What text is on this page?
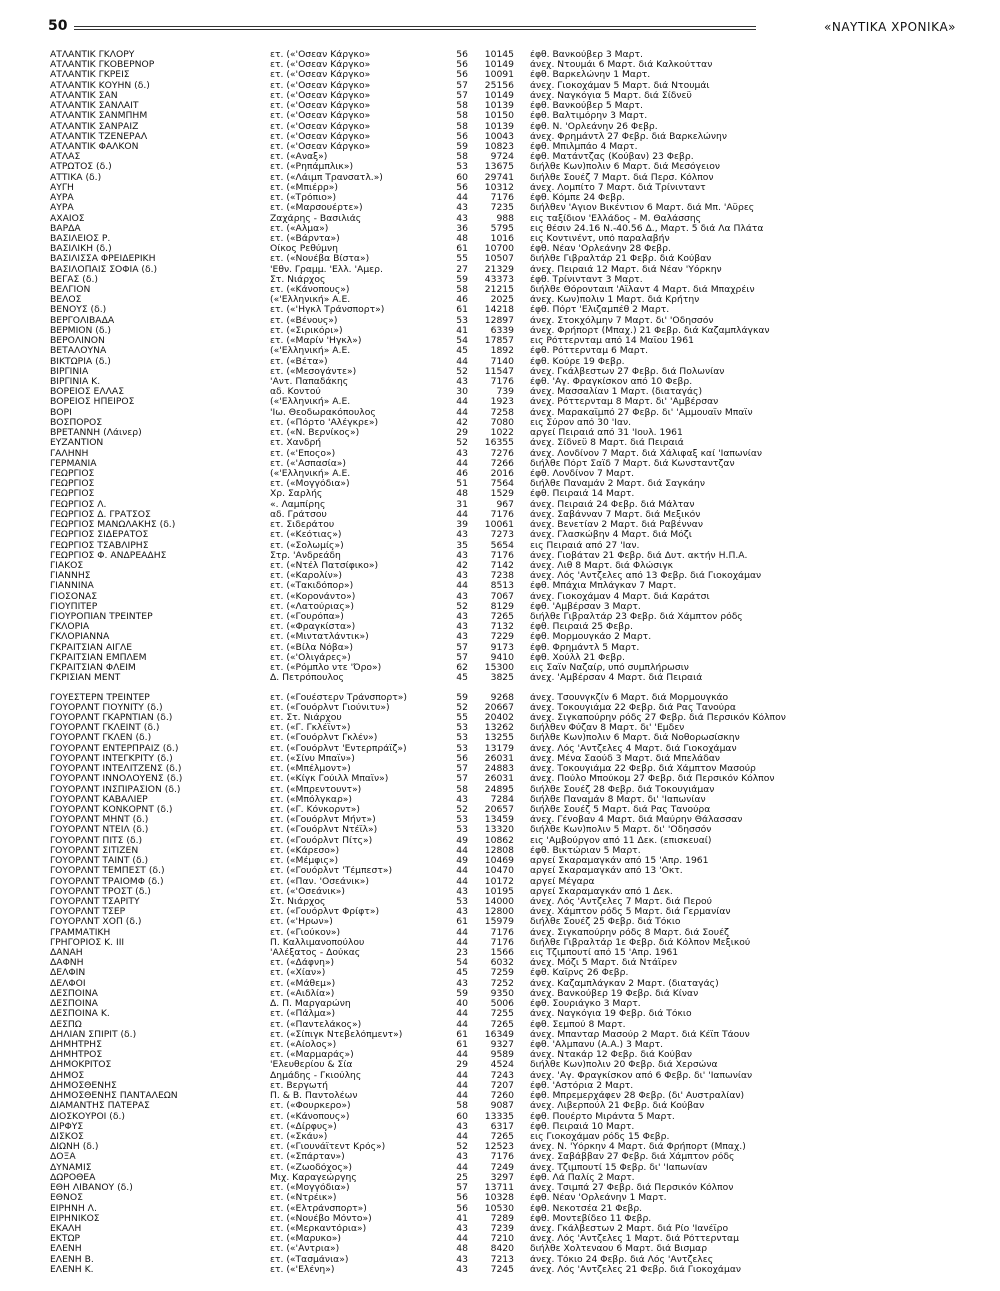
50	«ΝΑΥΤΙΚΑ ΧΡΟΝΙΚΑ»
ΑΤΛΑΝΤΙΚ ΓΚΛΟΡΥ	ετ. («'Οσεαν Κάργκο»	56	10145	έφθ. Βανκούβερ 3 Μαρτ.
ΑΤΛΑΝΤΙΚ ΓΚΟΒΕΡΝΟΡ	ετ. («'Οσεαν Κάργκο»	56	10149	άνεχ. Ντουμάι 6 Μαρτ. διά Καλκούτταν
ΑΤΛΑΝΤΙΚ ΓΚΡΕΪΣ	ετ. («'Οσεαν Κάργκο»	56	10091	έφθ. Βαρκελώνην 1 Μαρτ.
ΑΤΛΑΝΤΙΚ ΚΟΥΗΝ (δ.)	ετ. («'Οσεαν Κάργκο»	57	25156	άνεχ. Γιοκοχάμαν 5 Μαρτ. διά Ντουμάι
ΑΤΛΑΝΤΙΚ ΣΑΝ	ετ. («'Οσεαν Κάργκο»	57	10149	άνεχ. Ναγκόγια 5 Μαρτ. διά Σίδνεϋ
ΑΤΛΑΝΤΙΚ ΣΑΝΛΑΪΤ	ετ. («'Οσεαν Κάργκο»	58	10139	έφθ. Βανκούβερ 5 Μαρτ.
ΑΤΛΑΝΤΙΚ ΣΑΝΜΠΗΜ	ετ. («'Οσεαν Κάργκο»	58	10150	έφθ. Βαλτιμόρην 3 Μαρτ.
ΑΤΛΑΝΤΙΚ ΣΑΝΡΑΪΖ	ετ. («'Οσεαν Κάργκο»	58	10139	έφθ. Ν. 'Ορλεάνην 26 Φεβρ.
ΑΤΛΑΝΤΙΚ ΤΖΕΝΕΡΑΛ	ετ. («'Οσεαν Κάργκο»	56	10043	άνεχ. Φρημάντλ 27 Φεβρ. διά Βαρκελώνην
ΑΤΛΑΝΤΙΚ ΦΑΛΚΟΝ	ετ. («'Οσεαν Κάργκο»	59	10823	έφθ. Μπιλμπάο 4 Μαρτ.
ΑΤΛΑΣ	ετ. («Αναξ»)	58	9724	έφθ. Ματάντζας (Κούβαν) 23 Φεβρ.
ΑΤΡΩΤΟΣ (δ.)	ετ. («Ρηπάμπλικ»)	53	13675	διήλθε Κων)πολιν 6 Μαρτ. διά Μεσόγειον
ΑΤΤΙΚΑ (δ.)	ετ. («Λάιμπ Τρανσατλ.»)	60	29741	διήλθε Σουέζ 7 Μαρτ. διά Περσ. Κόλπον
ΑΥΓΗ	ετ. («Μπιέρρ»)	56	10312	άνεχ. Λομπίτο 7 Μαρτ. διά Τρίνινταντ
ΑΥΡΑ	ετ. («Τρόπιο»)	44	7176	έφθ. Κόμπε 24 Φεβρ.
ΑΥΡΑ	ετ. («Μαρσουέρτε»)	43	7235	διήλθεν 'Αγιον Βικέντιον 6 Μαρτ. διά Μπ. 'Αϋρες
ΑΧΑΪΟΣ	Ζαχάρης - Βασιλιάς	43	988	εις ταξίδιον 'Ελλάδος - Μ. Θαλάσσης
ΒΑΡΔΑ	ετ. («Αλμα»)	36	5795	εις θέσιν 24.16 Ν.-40.56 Δ., Μαρτ. 5 διά Λα Πλάτα
ΒΑΣΙΛΕΙΟΣ Ρ.	ετ. («Βάρντα»)	48	1016	εις Κοντινέντ, υπό παραλαβήν
ΒΑΣΙΛΙΚΗ (δ.)	Οίκος Ρεθύμνη	61	10700	έφθ. Νέαν 'Ορλεάνην 28 Φεβρ.
ΒΑΣΙΛΙΣΣΑ ΦΡΕΙΔΕΡΙΚΗ	ετ. («Νουέβα Βίστα»)	55	10507	διήλθε Γιβραλτάρ 21 Φεβρ. διά Κούβαν
ΒΑΣΙΛΟΠΑΪΣ ΣΟΦΙΑ (δ.)	'Εθν. Γραμμ. 'Ελλ. 'Αμερ.	27	21329	άνεχ. Πειραιά 12 Μαρτ. διά Νέαν 'Υόρκην
ΒΕΓΑΣ (δ.)	Στ. Νιάρχος	59	43373	έφθ. Τρίνινταντ 3 Μαρτ.
ΒΕΛΓΙΟΝ	ετ. («Κάνοπους»)	58	21215	διήλθε Θόρονταιπ 'Αϊλαντ 4 Μαρτ. διά Μπαχρέιν
ΒΕΛΟΣ	(«'Ελληνική» Α.Ε.	46	2025	άνεχ. Κων)πολιν 1 Μαρτ. διά Κρήτην
ΒΕΝΟΥΣ (δ.)	ετ. («'Ηγκλ Τράνσπορτ»)	61	14218	έφθ. Πόρτ 'Ελιζαμπέθ 2 Μαρτ.
ΒΕΡΓΟΛΙΒΑΔΑ	ετ. («Βένους»)	53	12897	άνεχ. Στοκχόλμην 7 Μαρτ. δι' 'Οδησσόν
ΒΕΡΜΙΟΝ (δ.)	ετ. («Σιρικόρι»)	41	6339	άνεχ. Φρήπορτ (Μπαχ.) 21 Φεβρ. διά Καζαμπλάγκαν
ΒΕΡΟΛΙΝΟΝ	ετ. («Μαρίν 'Ηγκλ»)	54	17857	εις Ρόττερνταμ από 14 Μαΐου 1961
ΒΕΤΑΛΟΥΝΑ	(«'Ελληνική» Α.Ε.	45	1892	έφθ. Ρόττερνταμ 6 Μαρτ.
ΒΙΚΤΩΡΙΑ (δ.)	ετ. («Βέτα»)	44	7140	έφθ. Κούρε 19 Φεβρ.
ΒΙΡΓΙΝΙΑ	ετ. («Μεσογάντε»)	52	11547	άνεχ. Γκάλβεστων 27 Φεβρ. διά Πολωνίαν
ΒΙΡΓΙΝΙΑ Κ.	'Αντ. Παπαδάκης	43	7176	έφθ. 'Αγ. Φραγκίσκον από 10 Φεβρ.
ΒΟΡΕΙΟΣ ΕΛΛΑΣ	αδ. Κοντού	30	739	άνεχ. Μασσαλίαν 1 Μαρτ. (διαταγάς)
ΒΟΡΕΙΟΣ ΗΠΕΙΡΟΣ	(«'Ελληνική» Α.Ε.	44	1923	άνεχ. Ρόττερνταμ 8 Μαρτ. δι' 'Αμβέρσαν
ΒΟΡΙ	'Ιω. Θεοδωρακόπουλος	44	7258	άνεχ. Μαρακαϊμπό 27 Φεβρ. δι' 'Αμμουαϊν Μπαϊν
ΒΟΣΠΟΡΟΣ	ετ. («Πόρτο 'Αλέγκρε»)	42	7080	εις Σύρον από 30 'Ιαν.
ΒΡΕΤΑΝΝΗ (Λάινερ)	ετ. («Ν. Βερνίκος»)	29	1022	αργεί Πειραιά από 31 'Ιουλ. 1961
ΕΥΖΑΝΤΙΟΝ	ετ. Χανδρή	52	16355	άνεχ. Σίδνεϋ 8 Μαρτ. διά Πειραιά
ΓΑΛΗΝΗ	ετ. («'Εποςο»)	43	7276	άνεχ. Λονδίνον 7 Μαρτ. διά Χάλιφαξ καί 'Ιαπωνίαν
ΓΕΡΜΑΝΙΑ	ετ. («'Ασπασία»)	44	7266	διήλθε Πόρτ Σαΐδ 7 Μαρτ. διά Κωνσταντζαν
ΓΕΩΡΓΙΟΣ	(«'Ελληνική» Α.Ε.	46	2016	έφθ. Λονδίνον 7 Μαρτ.
ΓΕΩΡΓΙΟΣ	ετ. («Μογγόδια»)	51	7564	διήλθε Παναμάν 2 Μαρτ. διά Σαγκάην
ΓΕΩΡΓΙΟΣ	Χρ. Σαρλής	48	1529	έφθ. Πειραιά 14 Μαρτ.
ΓΕΩΡΓΙΟΣ Λ.	«. Λαμπίρης	31	967	άνεχ. Πειραιά 24 Φεβρ. διά Μάλταν
ΓΕΩΡΓΙΟΣ Δ. ΓΡΑΤΣΟΣ	αδ. Γράτσου	44	7176	άνεχ. Σαβάνναν 7 Μαρτ. διά Μεξικόν
ΓΕΩΡΓΙΟΣ ΜΑΝΩΛΑΚΗΣ (δ.)	ετ. Σιδεράτου	39	10061	άνεχ. Βενετίαν 2 Μαρτ. διά Ραβένναν
ΓΕΩΡΓΙΟΣ ΣΙΔΕΡΑΤΟΣ	ετ. («Κεότιας»)	43	7273	άνεχ. Γλασκώβην 4 Μαρτ. διά Μόζι
ΓΕΩΡΓΙΟΣ ΤΣΑΒΛΙΡΗΣ	ετ. («Σολωμίς»)	35	5654	εις Πειραιά από 27 'Ιαν.
ΓΕΩΡΓΙΟΣ Φ. ΑΝΔΡΕΑΔΗΣ	Στρ. 'Ανδρεάδη	43	7176	άνεχ. Γιοβάταν 21 Φεβρ. διά Δυτ. ακτήν Η.Π.Α.
ΓΙΑΚΟΣ	ετ. («Ντέλ Πατσίφικο»)	42	7142	άνεχ. Λιθ 8 Μαρτ. διά Φλώσιγκ
ΓΙΑΝΝΗΣ	ετ. («Καρολίν»)	43	7238	άνεχ. Λός 'Αντζελες από 13 Φεβρ. διά Γιοκοχάμαν
ΓΙΑΝΝΙΝΑ	ετ. («Τακιδόπορ»)	44	8513	έφθ. Μπάχια Μπλάγκαν 7 Μαρτ.
ΓΙΟΣΟΝΑΣ	ετ. («Κορονάντο»)	43	7067	άνεχ. Γιοκοχάμαν 4 Μαρτ. διά Καράτσι
ΓΙΟΥΠΙΤΕΡ	ετ. («Λατούριας»)	52	8129	έφθ. 'Αμβέρσαν 3 Μαρτ.
ΓΙΟΥΡΟΠΙΑΝ ΤΡΕΪΝΤΕΡ	ετ. («Γουρόπα»)	43	7265	διήλθε Γιβραλτάρ 23 Φεβρ. διά Χάμπτον ρόδς
ΓΚΛΟΡΙΑ	ετ. («Φραγκίστα»)	43	7132	έφθ. Πειραιά 25 Φεβρ.
ΓΚΛΟΡΙΑΝΝΑ	ετ. («Μιντατλάντικ»)	43	7229	έφθ. Μορμουγκάο 2 Μαρτ.
ΓΚΡΑΪΤΣΙΑΝ ΑΪΓΛΕ	ετ. («Βίλα Νόβα»)	57	9173	έφθ. Φρημάντλ 5 Μαρτ.
ΓΚΡΑΪΤΣΙΑΝ ΕΜΠΛΕΜ	ετ. («'Ολιγάρες»)	57	9410	έφθ. Χούλλ 21 Φεβρ.
ΓΚΡΑΪΤΣΙΑΝ ΦΛΕΪΜ	ετ. («Ρόμπλο ντε 'Όρο»)	62	15300	εις Σαΐν Ναζαίρ, υπό συμπλήρωσιν
ΓΚΡΙΣΙΑΝ ΜΕΝΤ	Δ. Πετρόπουλος	45	3825	άνεχ. 'Αμβέρσαν 4 Μαρτ. διά Πειραιά
ΓΟΥΕΣΤΕΡΝ ΤΡΕΪΝΤΕΡ	ετ. («Γουέστερν Τράνσπορτ»)	59	9268	άνεχ. Τσουνγκζίν 6 Μαρτ. διά Μορμουγκάο
ΓΟΥΟΡΛΝΤ ΓΙΟΥΝΙΤΥ (δ.)	ετ. («Γουόρλντ Γιούνιτυ»)	52	20667	άνεχ. Τοκουγιάμα 22 Φεβρ. διά Ρας Τανούρα
ΓΟΥΟΡΛΝΤ ΓΚΑΡΝΤΙΑΝ (δ.)	ετ. Στ. Νιάρχου	55	20402	άνεχ. Σιγκαπούρην ρόδς 27 Φεβρ. διά Περσικόν Κόλπον
ΓΟΥΟΡΛΝΤ ΓΚΛΕΪΝΤ (δ.)	ετ. («Γ. Γκλέϊντ»)	53	13262	διήλθεν Φύζαν 8 Μαρτ. δι' 'Εμδεν
ΓΟΥΟΡΛΝΤ ΓΚΛΕΝ (δ.)	ετ. («Γουόρλντ Γκλέν»)	53	13255	διήλθε Κων)πολιν 6 Μαρτ. διά Νοθορωσίσκην
ΓΟΥΟΡΛΝΤ ΕΝΤΕΡΠΡΑΪΖ (δ.)	ετ. («Γουόρλντ 'Εντερπράϊζ»)	53	13179	άνεχ. Λός 'Αντζελες 4 Μαρτ. διά Γιοκοχάμαν
ΓΟΥΟΡΛΝΤ ΙΝΤΕΓΚΡΙΤΥ (δ.)	ετ. («Σίνυ Μπαϊν»)	56	26031	άνεχ. Μένα Σαούδ 3 Μαρτ. διά Μπελάδαν
ΓΟΥΟΡΛΝΤ ΙΝΤΕΛΙΤΖΕΝΣ (δ.)	ετ. («Μπέλμοντ»)	57	24883	άνεχ. Τοκουγιάμα 22 Φεβρ. διά Χάμπτον Μασούρ
ΓΟΥΟΡΛΝΤ ΙΝΝΟΛΟΥΕΝΣ (δ.)	ετ. («Κίγκ Γούιλλ Μπαϊν»)	57	26031	άνεχ. Πούλο Μπούκομ 27 Φεβρ. διά Περσικόν Κόλπον
ΓΟΥΟΡΛΝΤ ΙΝΣΠΙΡΑΣΙΟΝ (δ.)	ετ. («Μπρεντουντ»)	58	24895	διήλθε Σουέζ 28 Φεβρ. διά Τοκουγιάμαν
ΓΟΥΟΡΛΝΤ ΚΑΒΑΛΙΕΡ	ετ. («Μπόλγκαρ»)	43	7284	διήλθε Παναμάν 8 Μαρτ. δι' 'Ιαπωνίαν
ΓΟΥΟΡΛΝΤ ΚΟΝΚΟΡΝΤ (δ.)	ετ. («Γ. Κόνκορντ»)	52	20657	διήλθε Σουέζ 5 Μαρτ. διά Ρας Τανούρα
ΓΟΥΟΡΛΝΤ ΜΗΝΤ (δ.)	ετ. («Γουόρλντ Μήντ»)	53	13459	άνεχ. Γένοβαν 4 Μαρτ. διά Μαύρην Θάλασσαν
ΓΟΥΟΡΛΝΤ ΝΤΕΪΛ (δ.)	ετ. («Γουόρλντ Ντέϊλ»)	53	13320	διήλθε Κων)πολιν 5 Μαρτ. δι' 'Οδησσόν
ΓΟΥΟΡΛΝΤ ΠΙΤΣ (δ.)	ετ. («Γουόρλντ Πίτς»)	49	10862	εις 'Αμβούργον από 11 Δεκ. (επισκευαί)
ΓΟΥΟΡΛΝΤ ΣΙΤΙΖΕΝ	ετ. («Κάρεσο»)	44	12808	έφθ. Βικτώριαν 5 Μαρτ.
ΓΟΥΟΡΛΝΤ ΤΑΪΝΤ (δ.)	ετ. («Μέμφις»)	49	10469	αργεί Σκαραμαγκάν από 15 'Απρ. 1961
ΓΟΥΟΡΛΝΤ ΤΕΜΠΕΣΤ (δ.)	ετ. («Γουόρλντ 'Τέμπεστ»)	44	10470	αργεί Σκαραμαγκάν από 13 'Οκτ.
ΓΟΥΟΡΛΝΤ ΤΡΑΪΟΜΦ (δ.)	ετ. («Παν. 'Οσεάνικ»)	44	10172	αργεί Μέγαρα
ΓΟΥΟΡΛΝΤ ΤΡΟΣΤ (δ.)	ετ. («'Οσεάνικ»)	43	10195	αργεί Σκαραμαγκάν από 1 Δεκ.
ΓΟΥΟΡΛΝΤ ΤΣΑΡΙΤΥ	Στ. Νιάρχος	53	14000	άνεχ. Λός 'Αντζελες 7 Μαρτ. διά Περού
ΓΟΥΟΡΛΝΤ ΤΣΕΡ	ετ. («Γουόρλντ Φρίφτ»)	43	12800	άνεχ. Χάμπτον ρόδς 5 Μαρτ. διά Γερμανίαν
ΓΟΥΟΡΛΝΤ ΧΟΠ (δ.)	ετ. («'Ηρων»)	61	15979	διήλθε Σουέζ 25 Φεβρ. διά Τόκιο
ΓΡΑΜΜΑΤΙΚΗ	ετ. («Γιούκον»)	44	7176	άνεχ. Σιγκαπούρην ρόδς 8 Μαρτ. διά Σουέζ
ΓΡΗΓΟΡΙΟΣ Κ. ΙΙΙ	Π. Καλλιμανοπούλου	44	7176	διήλθε Γιβραλτάρ 1ε Φεβρ. διά Κόλπον Μεξικού
ΔΑΝΑΗ	'Αλέξατος - Δούκας	23	1566	εις Τζιμπουτί από 15 'Απρ. 1961
ΔΑΦΝΗ	ετ. («Δάφνη»)	54	6032	άνεχ. Μόζι 5 Μαρτ. διά Ντάϊρεν
ΔΕΛΦΙΝ	ετ. («Χίαν»)	45	7259	έφθ. Καϊρνς 26 Φεβρ.
ΔΕΛΦΟΙ	ετ. («Μάθεμ»)	43	7252	άνεχ. Καζαμπλάγκαν 2 Μαρτ. (διαταγάς)
ΔΕΣΠΟΙΝΑ	ετ. («Αιδλία»)	59	9350	άνεχ. Βανκούβερ 19 Φεβρ. διά Κίναν
ΔΕΣΠΟΙΝΑ	Δ. Π. Μαργαρώνη	40	5006	έφθ. Σουριάγκο 3 Μαρτ.
ΔΕΣΠΟΙΝΑ Κ.	ετ. («Πάλμα»)	44	7255	άνεχ. Ναγκόγια 19 Φεβρ. διά Τόκιο
ΔΕΣΠΩ	ετ. («Παντελάκος»)	44	7265	έφθ. Σεμπού 8 Μαρτ.
ΔΗΛΙΑΝ ΣΠΙΡΙΤ (δ.)	ετ. («Σίπιγκ Ντεβελόπμεντ»)	61	16349	άνεχ. Μπανταρ Μασούρ 2 Μαρτ. διά Κέϊπ Τάουν
ΔΗΜΗΤΡΗΣ	ετ. («Αίολος»)	61	9327	έφθ. 'Αλμπανυ (Α.Α.) 3 Μαρτ.
ΔΗΜΗΤΡΟΣ	ετ. («Μαρμαράς»)	44	9589	άνεχ. Ντακάρ 12 Φεβρ. διά Κούβαν
ΔΗΜΟΚΡΙΤΟΣ	'Ελευθερίου & Σία	29	4524	διήλθε Κων)πολιν 20 Φεβρ. διά Χερσώνα
ΔΗΜΟΣ	Δημάδης - Γκιούλης	44	7243	άνεχ. 'Αγ. Φραγκίσκον από 6 Φεβρ. δι' 'Ιαπωνίαν
ΔΗΜΟΣΘΕΝΗΣ	ετ. Βεργωτή	44	7207	έφθ. 'Αστόρια 2 Μαρτ.
ΔΗΜΟΣΘΕΝΗΣ ΠΑΝΤΑΛΕΩΝ	Π. & Β. Παντολέων	44	7260	έφθ. Μπρεμερχάφεν 28 Φεβρ. (δι' Αυστραλίαν)
ΔΙΑΜΑΝΤΗΣ ΠΑΤΕΡΑΣ	ετ. («Φουρκερο»)	58	9087	άνεχ. Λιβερπούλ 21 Φεβρ. διά Κούβαν
ΔΙΟΣΚΟΥΡΟΙ (δ.)	ετ. («Κάνοπους»)	60	13335	έφθ. Πουέρτο Μιράντα 5 Μαρτ.
ΔΙΡΦΥΣ	ετ. («Δίρφυς»)	43	6317	έφθ. Πειραιά 10 Μαρτ.
ΔΙΣΚΟΣ	ετ. («Σκάυ»)	44	7265	εις Γιοκοχάμαν ρόδς 15 Φεβρ.
ΔΙΩΝΗ (δ.)	ετ. («Γιουνάϊτεντ Κρός»)	52	12523	άνεχ. Ν. 'Υόρκην 4 Μαρτ. διά Φρήπορτ (Μπαχ.)
ΔΟΞΑ	ετ. («Σπάρταν»)	43	7176	άνεχ. Σαβάββαν 27 Φεβρ. διά Χάμπτον ρόδς
ΔΥΝΑΜΙΣ	ετ. («Ζωοδόχος»)	44	7249	άνεχ. Τζιμπουτί 15 Φεβρ. δι' 'Ιαπωνίαν
ΔΩΡΟΘΕΑ	Μιχ. Καραγεώργης	25	3297	έφθ. Λά Παλίς 2 Μαρτ.
ΕΘΗ ΛΙΒΑΝΟΥ (δ.)	ετ. («Μογγόδια»)	57	13711	άνεχ. Τσιμπά 27 Φεβρ. διά Περσικόν Κόλπον
ΕΘΝΟΣ	ετ. («Ντρέικ»)	56	10328	έφθ. Νέαν 'Ορλεάνην 1 Μαρτ.
ΕΙΡΗΝΗ Λ.	ετ. («Ελτράνσπορτ»)	56	10530	έφθ. Νεκοτσέα 21 Φεβρ.
ΕΙΡΗΝΙΚΟΣ	ετ. («Νουέβο Μόντο»)	41	7289	έφθ. Μοντεβίδεο 11 Φεβρ.
ΕΚΑΛΗ	ετ. («Μερκαντόρια»)	43	7239	άνεχ. Γκάλβεστων 2 Μαρτ. διά Ρίο 'Ιανέϊρο
ΕΚΤΩΡ	ετ. («Μαρυκο»)	44	7210	άνεχ. Λός 'Αντζελες 1 Μαρτ. διά Ρόττερνταμ
ΕΛΕΝΗ	ετ. («'Αντρια»)	48	8420	διήλθε Χολτεναου 6 Μαρτ. διά Βισμαρ
ΕΛΕΝΗ Β.	ετ. («Τασμάνια»)	43	7213	άνεχ. Τόκιο 24 Φεβρ. διά Λός 'Αντζελες
ΕΛΕΝΗ Κ.	ετ. («'Ελένη»)	43	7245	άνεχ. Λός 'Αντζελες 21 Φεβρ. διά Γιοκοχάμαν
